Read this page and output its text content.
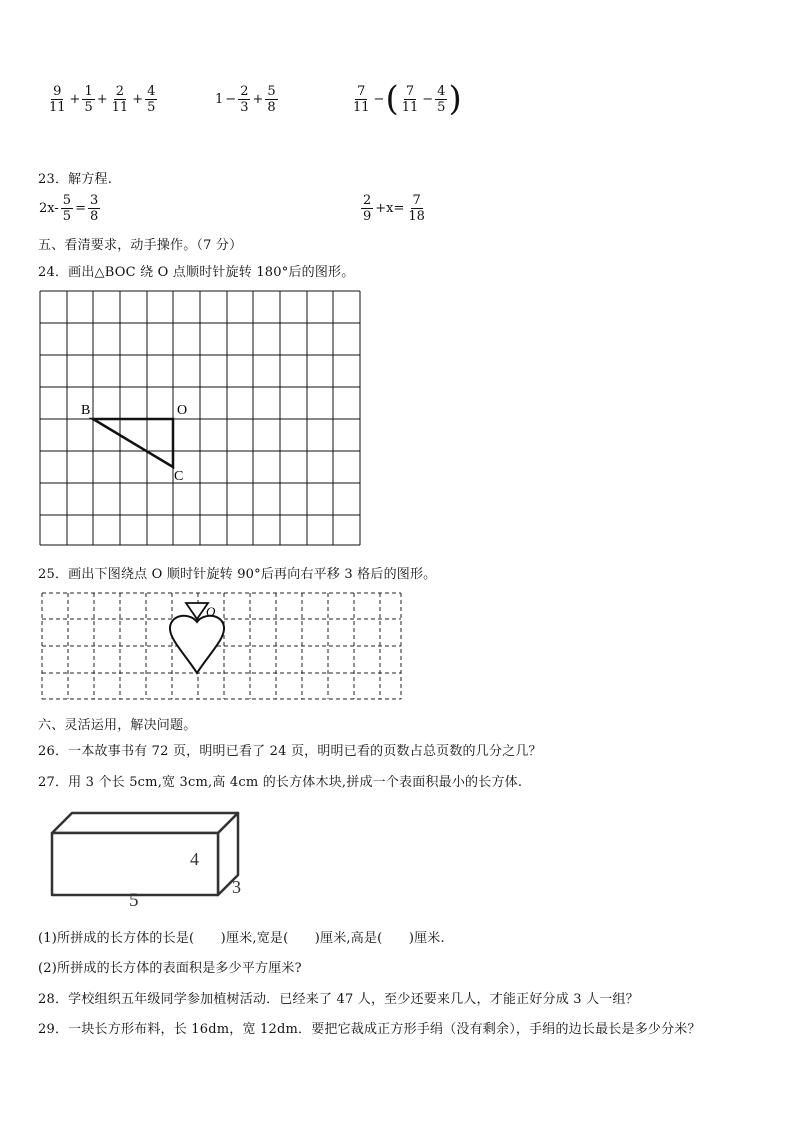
$\frac{9}{11} + \frac{1}{5} + \frac{2}{11} + \frac{4}{5}$	$1 - \frac{2}{3} + \frac{5}{8}$	$\frac{7}{11}$ − ( $\frac{7}{11} - \frac{4}{5}$ )
23．解方程.
$2x- \frac{5}{5} = \frac{3}{8}$	$\frac{2}{9} +x= \frac{7}{18}$
五、看清要求，动手操作。（7 分）
24．画出△BOC 绕 O 点顺时针旋转 180°后的图形。
B	O
C
25．画出下图绕点 O 顺时针旋转 90°后再向右平移 3 格后的图形。
O
六、灵活运用，解决问题。
26．一本故事书有 72 页，明明已看了 24 页，明明已看的页数占总页数的几分之几？
27．用 3 个长 5cm,宽 3cm,高 4cm 的长方体木块,拼成一个表面积最小的长方体.
4
5
3
(1)所拼成的长方体的长是(　　)厘米,宽是(　　)厘米,高是(　　)厘米.
(2)所拼成的长方体的表面积是多少平方厘米?
28．学校组织五年级同学参加植树活动．已经来了 47 人，至少还要来几人，才能正好分成 3 人一组？
29．一块长方形布料，长 16dm，宽 12dm．要把它裁成正方形手绢（没有剩余），手绢的边长最长是多少分米？
